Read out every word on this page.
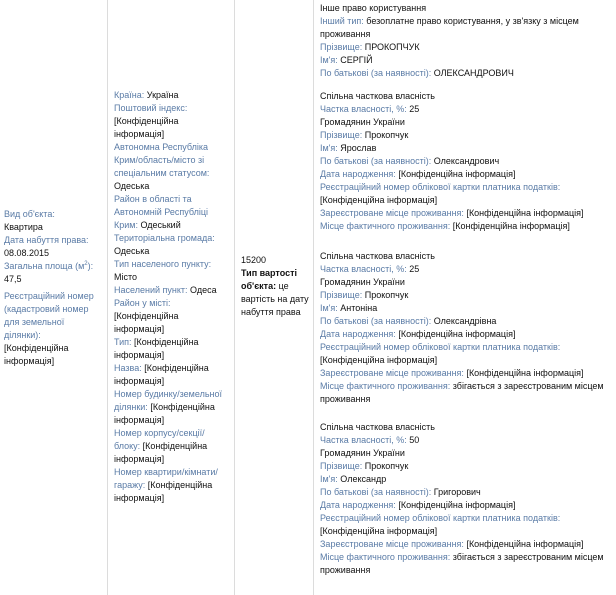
Вид об'єкта:
Квартира
Дата набуття права:
08.08.2015
Загальна площа $(м^2)$: 47,5
Реєстраційний номер (кадастровий номер для земельної ділянки):
[Конфіденційна інформація]
Країна: Україна
Поштовий індекс: [Конфіденційна інформація]
Автономна Республіка Крим/область/місто зі спеціальним статусом: Одеська
Район в області та Автономній Республіці Крим: Одеський
Територіальна громада: Одеська
Тип населеного пункту: Місто
Населений пункт: Одеса
Район у місті: [Конфіденційна інформація]
Тип: [Конфіденційна інформація]
Назва: [Конфіденційна інформація]
Номер будинку/земельної ділянки: [Конфіденційна інформація]
Номер корпусу/секції/блоку: [Конфіденційна інформація]
Номер квартири/кімнати/гаражу: [Конфіденційна інформація]
15200
Тип вартості об'єкта: це вартість на дату набуття права
Інше право користування
Інший тип: безоплатне право користування, у зв'язку з місцем проживання
Прізвище: ПРОКОПЧУК
Ім'я: СЕРГІЙ
По батькові (за наявності): ОЛЕКСАНДРОВИЧ
Спільна часткова власність
Частка власності, %: 25
Громадянин України
Прізвище: Прокопчук
Ім'я: Ярослав
По батькові (за наявності): Олександрович
Дата народження: [Конфіденційна інформація]
Реєстраційний номер облікової картки платника податків: [Конфіденційна інформація]
Зареєстроване місце проживання: [Конфіденційна інформація]
Місце фактичного проживання: [Конфіденційна інформація]
Спільна часткова власність
Частка власності, %: 25
Громадянин України
Прізвище: Прокопчук
Ім'я: Антоніна
По батькові (за наявності): Олександрівна
Дата народження: [Конфіденційна інформація]
Реєстраційний номер облікової картки платника податків: [Конфіденційна інформація]
Зареєстроване місце проживання: [Конфіденційна інформація]
Місце фактичного проживання: збігається з зареєстрованим місцем проживання
Спільна часткова власність
Частка власності, %: 50
Громадянин України
Прізвище: Прокопчук
Ім'я: Олександр
По батькові (за наявності): Григорович
Дата народження: [Конфіденційна інформація]
Реєстраційний номер облікової картки платника податків: [Конфіденційна інформація]
Зареєстроване місце проживання: [Конфіденційна інформація]
Місце фактичного проживання: збігається з зареєстрованим місцем проживання
